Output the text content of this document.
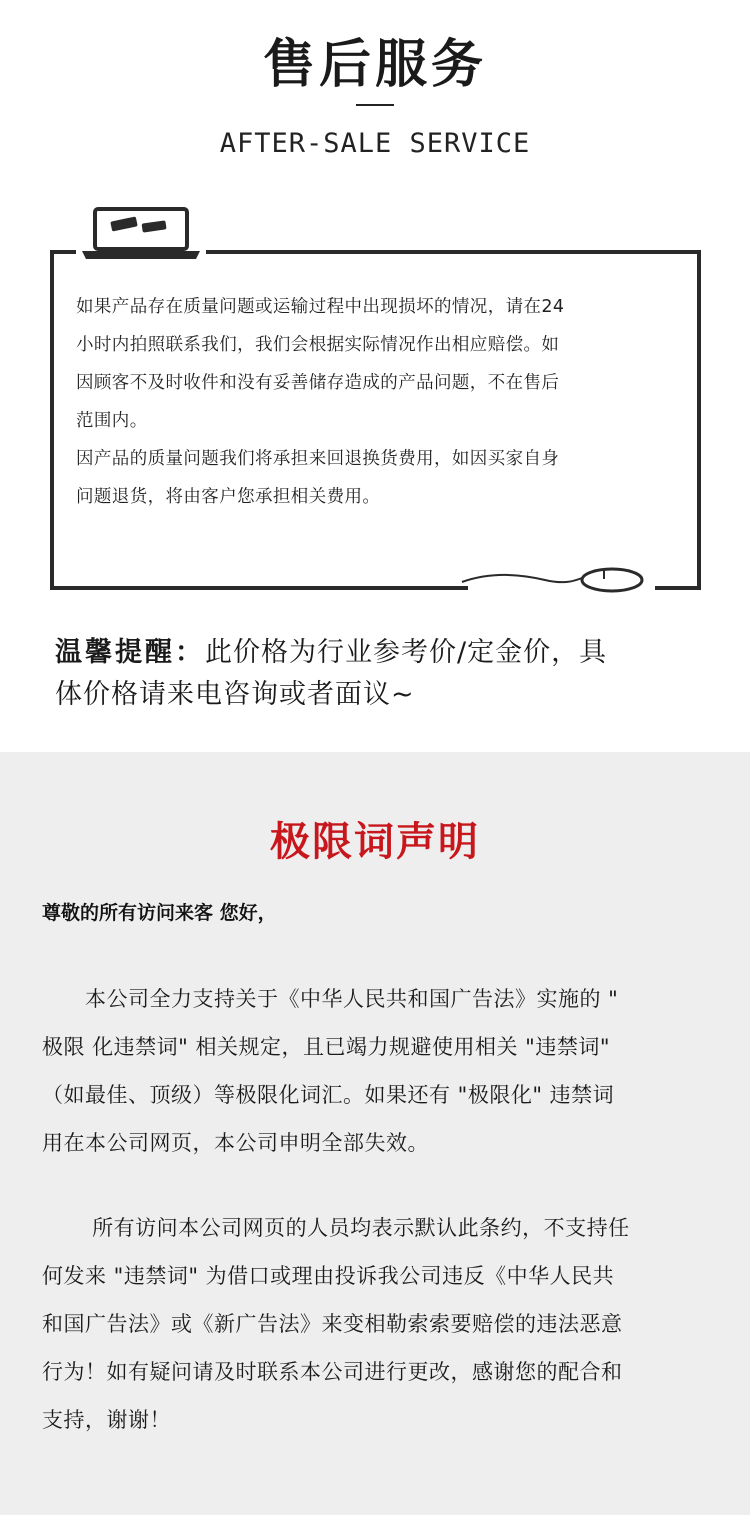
售后服务
AFTER-SALE SERVICE

如果产品存在质量问题或运输过程中出现损坏的情况，请在24

小时内拍照联系我们，我们会根据实际情况作出相应赔偿。如

因顾客不及时收件和没有妥善储存造成的产品问题，不在售后

范围内。

因产品的质量问题我们将承担来回退换货费用，如因买家自身

问题退货，将由客户您承担相关费用。

温馨提醒：此价格为行业参考价/定金价，具
体价格请来电咨询或者面议~
极限词声明
尊敬的所有访问来客 您好，
　　本公司全力支持关于《中华人民共和国广告法》实施的 "
极限 化违禁词" 相关规定，且已竭力规避使用相关 "违禁词"
（如最佳、顶级）等极限化词汇。如果还有 "极限化" 违禁词
用在本公司网页，本公司申明全部失效。
　　 所有访问本公司网页的人员均表示默认此条约，不支持任
何发来 "违禁词" 为借口或理由投诉我公司违反《中华人民共
和国广告法》或《新广告法》来变相勒索索要赔偿的违法恶意
行为！如有疑问请及时联系本公司进行更改，感谢您的配合和
支持，谢谢！
